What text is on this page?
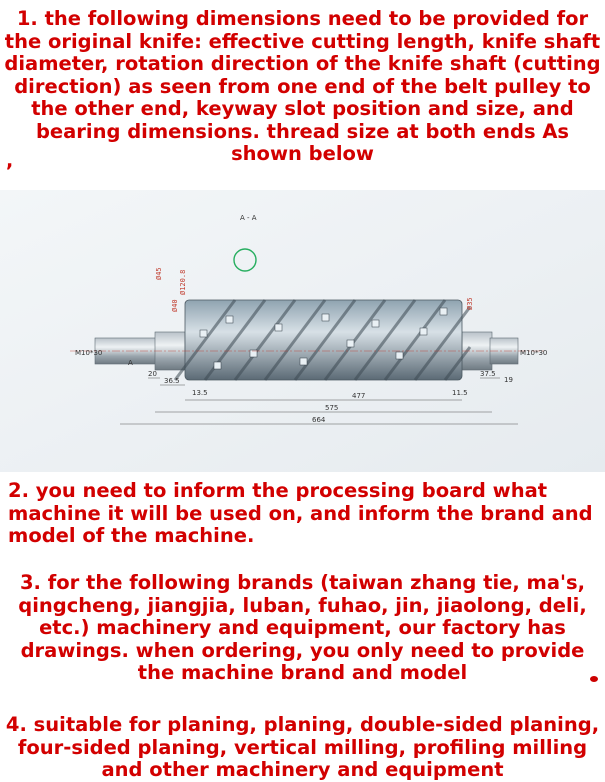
1. the following dimensions need to be provided for the original knife: effective cutting length, knife shaft diameter, rotation direction of the knife shaft (cutting direction) as seen from one end of the belt pulley to the other end, keyway slot position and size, and bearing dimensions. thread size at both ends As shown below
,
A - A
A
M10*30	M10*30
Ø120.8
Ø45
Ø40	Ø35
20
36.5
13.5	477	11.5
37.5
19
575
664
2. you need to inform the processing board what machine it will be used on, and inform the brand and model of the machine.
3. for the following brands (taiwan zhang tie, ma's, qingcheng, jiangjia, luban, fuhao, jin, jiaolong, deli, etc.) machinery and equipment, our factory has drawings. when ordering, you only need to provide the machine brand and model
4. suitable for planing, planing, double-sided planing, four-sided planing, vertical milling, profiling milling and other machinery and equipment
